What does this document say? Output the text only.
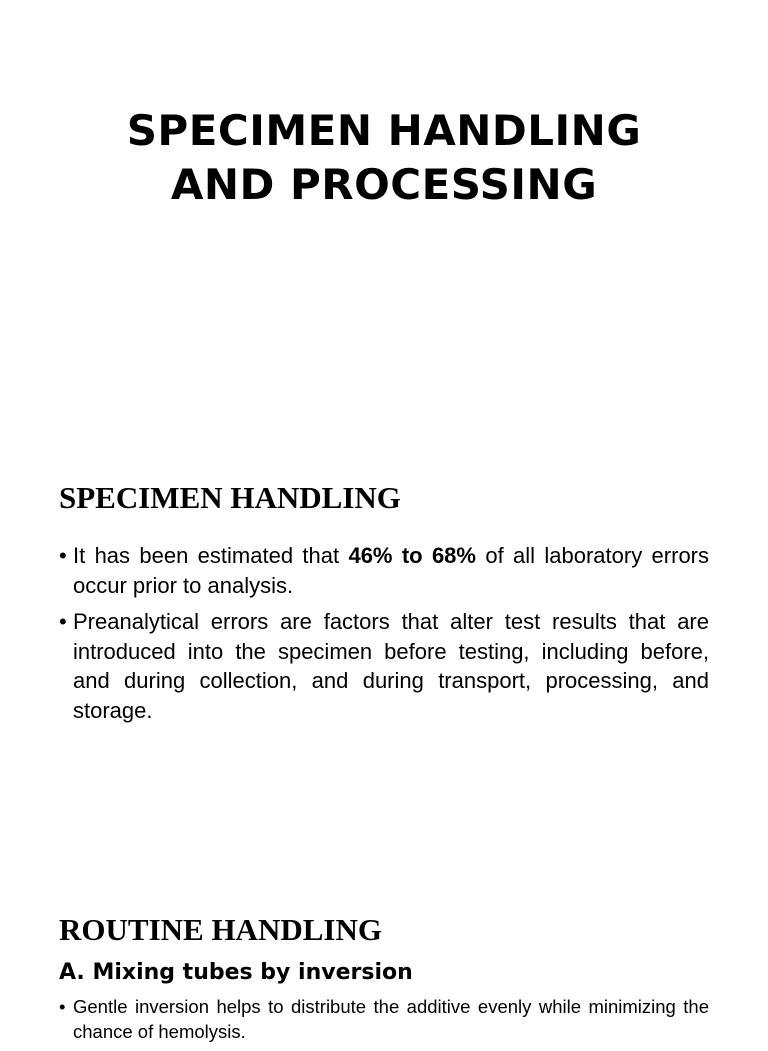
SPECIMEN HANDLING
AND PROCESSING
SPECIMEN HANDLING
• It has been estimated that 46% to 68% of all laboratory errors occur prior to analysis.
• Preanalytical errors are factors that alter test results that are introduced into the specimen before testing, including before, and during collection, and during transport, processing, and storage.
ROUTINE HANDLING
A. Mixing tubes by inversion
• Gentle inversion helps to distribute the additive evenly while minimizing the chance of hemolysis.
